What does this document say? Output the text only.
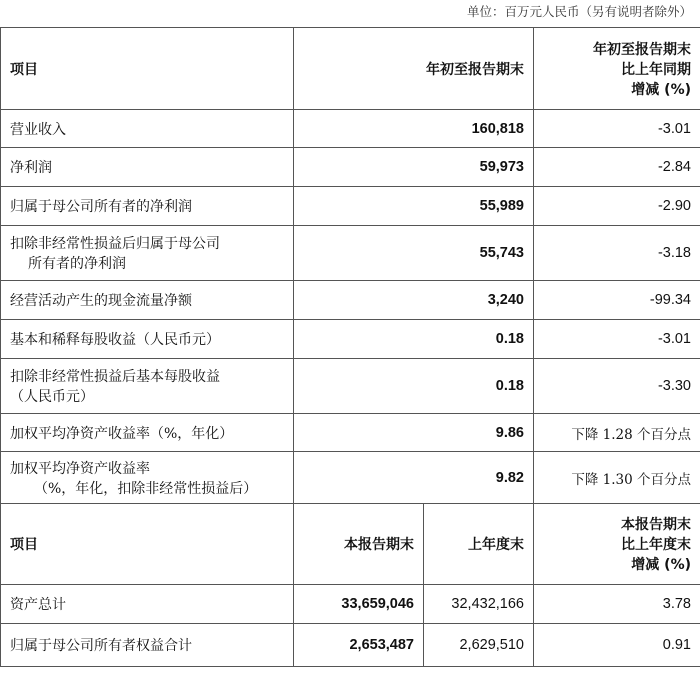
单位：百万元人民币（另有说明者除外）
项目	年初至报告期末		年初至报告期末
比上年同期
增减 (%)

营业收入	160,818		-3.01
净利润	59,973		-2.84
归属于母公司所有者的净利润	55,989		-2.90

扣除非经常性损益后归属于母公司
所有者的净利润	55,743		-3.18
经营活动产生的现金流量净额	3,240		-99.34
基本和稀释每股收益（人民币元）	0.18		-3.01

扣除非经常性损益后基本每股收益
（人民币元）	0.18		-3.30
加权平均净资产收益率（%，年化）	9.86		下降 1.28 个百分点

加权平均净资产收益率
（%，年化，扣除非经常性损益后）	9.82		下降 1.30 个百分点
项目	本报告期末	上年度末	本报告期末
比上年度末
增减 (%)

资产总计	33,659,046	32,432,166	3.78
归属于母公司所有者权益合计	2,653,487	2,629,510	0.91
